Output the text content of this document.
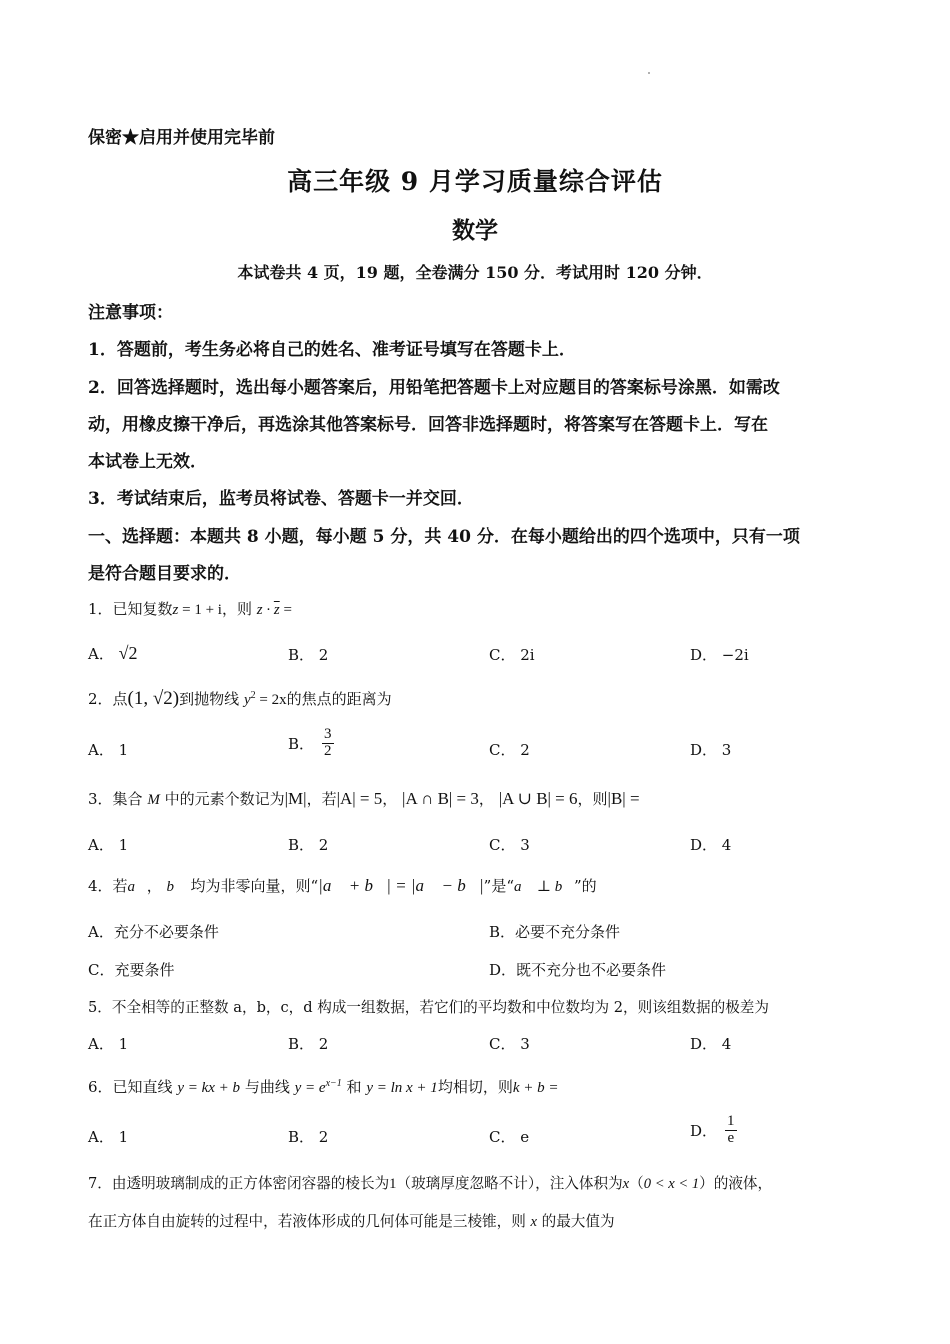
保密★启用并使用完毕前
高三年级 9 月学习质量综合评估
数学
本试卷共 4 页，19 题，全卷满分 150 分．考试用时 120 分钟．
注意事项：
1．答题前，考生务必将自己的姓名、准考证号填写在答题卡上．
2．回答选择题时，选出每小题答案后，用铅笔把答题卡上对应题目的答案标号涂黑．如需改
动，用橡皮擦干净后，再选涂其他答案标号．回答非选择题时，将答案写在答题卡上．写在
本试卷上无效．
3．考试结束后，监考员将试卷、答题卡一并交回．
一、选择题：本题共 8 小题，每小题 5 分，共 40 分．在每小题给出的四个选项中，只有一项
是符合题目要求的．
1．已知复数z = 1 + i，则 $z \cdot \overline{z}$ =
A． √2	B． 2	C． 2i	D． −2i
2．点(1, √2)到抛物线 $y^2 = 2x$的焦点的距离为
A． 1	B． $\frac{3}{2}$	C． 2	D． 3
3．集合 M 中的元素个数记为|M|，若|A| = 5， |A ∩ B| = 3， |A ∪ B| = 6，则|B| =
A． 1	B． 2	C． 3	D． 4
4．若a⃗， b⃗ 均为非零向量，则“|a⃗ + b⃗| = |a⃗ − b⃗|”是“a⃗ ⊥ b⃗”的
A．充分不必要条件	B．必要不充分条件
C．充要条件	D．既不充分也不必要条件
5．不全相等的正整数 a，b，c，d 构成一组数据，若它们的平均数和中位数均为 2，则该组数据的极差为
A． 1	B． 2	C． 3	D． 4
6．已知直线 y = kx + b 与曲线 $y = e^{x-1}$ 和 y = ln x + 1均相切，则k + b =
A． 1	B． 2	C． e	D． $\frac{1}{e}$
7．由透明玻璃制成的正方体密闭容器的棱长为1（玻璃厚度忽略不计），注入体积为x（0 < x < 1）的液体，
在正方体自由旋转的过程中，若液体形成的几何体可能是三棱锥，则 x 的最大值为
